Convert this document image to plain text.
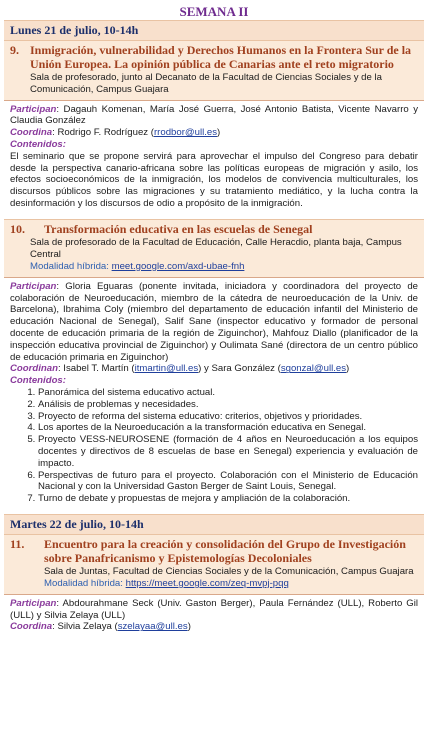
SEMANA II
Lunes 21 de julio, 10-14h
9. Inmigración, vulnerabilidad y Derechos Humanos en la Frontera Sur de la Unión Europea. La opinión pública de Canarias ante el reto migratorio
Sala de profesorado, junto al Decanato de la Facultad de Ciencias Sociales y de la Comunicación, Campus Guajara
Participan: Dagauh Komenan, María José Guerra, José Antonio Batista, Vicente Navarro y Claudia González
Coordina: Rodrigo F. Rodríguez (rrodbor@ull.es)
Contenidos:
El seminario que se propone servirá para aprovechar el impulso del Congreso para debatir desde la perspectiva canario-africana sobre las políticas europeas de migración y asilo, los efectos socioeconómicos de la inmigración, los modelos de convivencia multiculturales, los discursos públicos sobre las migraciones y su tratamiento mediático, y la lucha contra la desinformación y los discursos de odio a propósito de la inmigración.
10.	Transformación educativa en las escuelas de Senegal
Sala de profesorado de la Facultad de Educación, Calle Heracdio, planta baja, Campus Central
Modalidad híbrida: meet.google.com/axd-ubae-fnh
Participan: Gloria Eguaras (ponente invitada, iniciadora y coordinadora del proyecto de colaboración de Neuroeducación, miembro de la cátedra de neuroeducación de la Univ. de Barcelona), Ibrahima Coly (miembro del departamento de educación infantil del Ministerio de educación Nacional de Senegal), Salif Sane (inspector educativo y formador de personal docente de educación primaria de la región de Ziguinchor), Mahfouz Diallo (planificador de la inspección educativa provincial de Ziguinchor) y Oulimata Sané (directora de un centro público de educación primaria en Ziguinchor)
Coordinan: Isabel T. Martín (itmartin@ull.es) y Sara González (sgonzal@ull.es)
Contenidos:
1. Panorámica del sistema educativo actual.
2. Análisis de problemas y necesidades.
3. Proyecto de reforma del sistema educativo: criterios, objetivos y prioridades.
4. Los aportes de la Neuroeducación a la transformación educativa en Senegal.
5. Proyecto VESS-NEUROSENE (formación de 4 años en Neuroeducación a los equipos docentes y directivos de 8 escuelas de base en Senegal) experiencia y evaluación de impacto.
6. Perspectivas de futuro para el proyecto. Colaboración con el Ministerio de Educación Nacional y con la Universidad Gaston Berger de Saint Louis, Senegal.
7. Turno de debate y propuestas de mejora y ampliación de la colaboración.
Martes 22 de julio, 10-14h
11.	Encuentro para la creación y consolidación del Grupo de Investigación sobre Panafricanismo y Epistemologías Decoloniales
Sala de Juntas, Facultad de Ciencias Sociales y de la Comunicación, Campus Guajara
Modalidad híbrida: https://meet.google.com/zeq-mvpj-pqq
Participan: Abdourahmane Seck (Univ. Gaston Berger), Paula Fernández (ULL), Roberto Gil (ULL) y Silvia Zelaya (ULL)
Coordina: Silvia Zelaya (szelayaa@ull.es)
